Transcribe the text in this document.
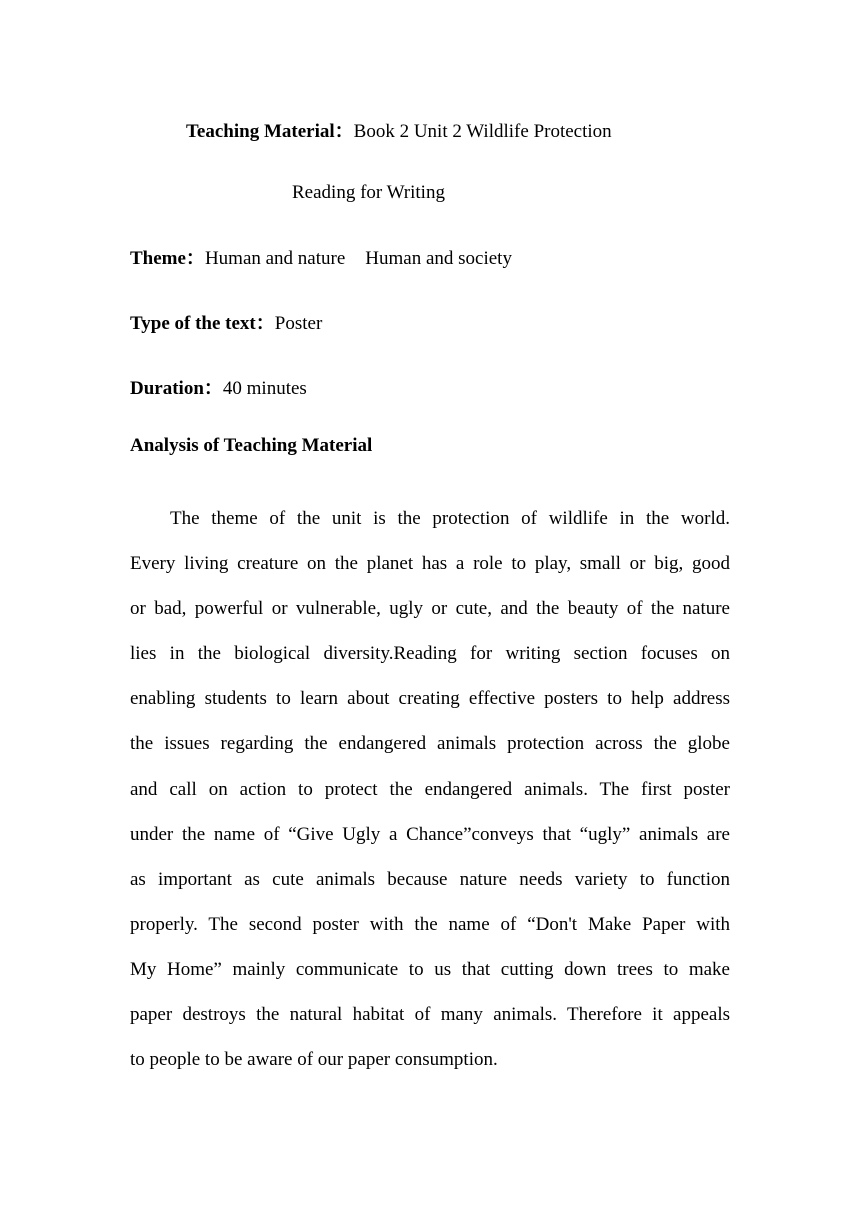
Teaching Material：Book 2 Unit 2 Wildlife Protection
Reading for Writing
Theme：Human and nature Human and society
Type of the text：Poster
Duration：40 minutes
Analysis of Teaching Material
The theme of the unit is the protection of wildlife in the world.
Every living creature on the planet has a role to play, small or big, good
or bad, powerful or vulnerable, ugly or cute, and the beauty of the nature
lies in the biological diversity.Reading for writing section focuses on
enabling students to learn about creating effective posters to help address
the issues regarding the endangered animals protection across the globe
and call on action to protect the endangered animals. The first poster
under the name of “Give Ugly a Chance”conveys that “ugly” animals are
as important as cute animals because nature needs variety to function
properly. The second poster with the name of “Don't Make Paper with
My Home” mainly communicate to us that cutting down trees to make
paper destroys the natural habitat of many animals. Therefore it appeals
to people to be aware of our paper consumption.
